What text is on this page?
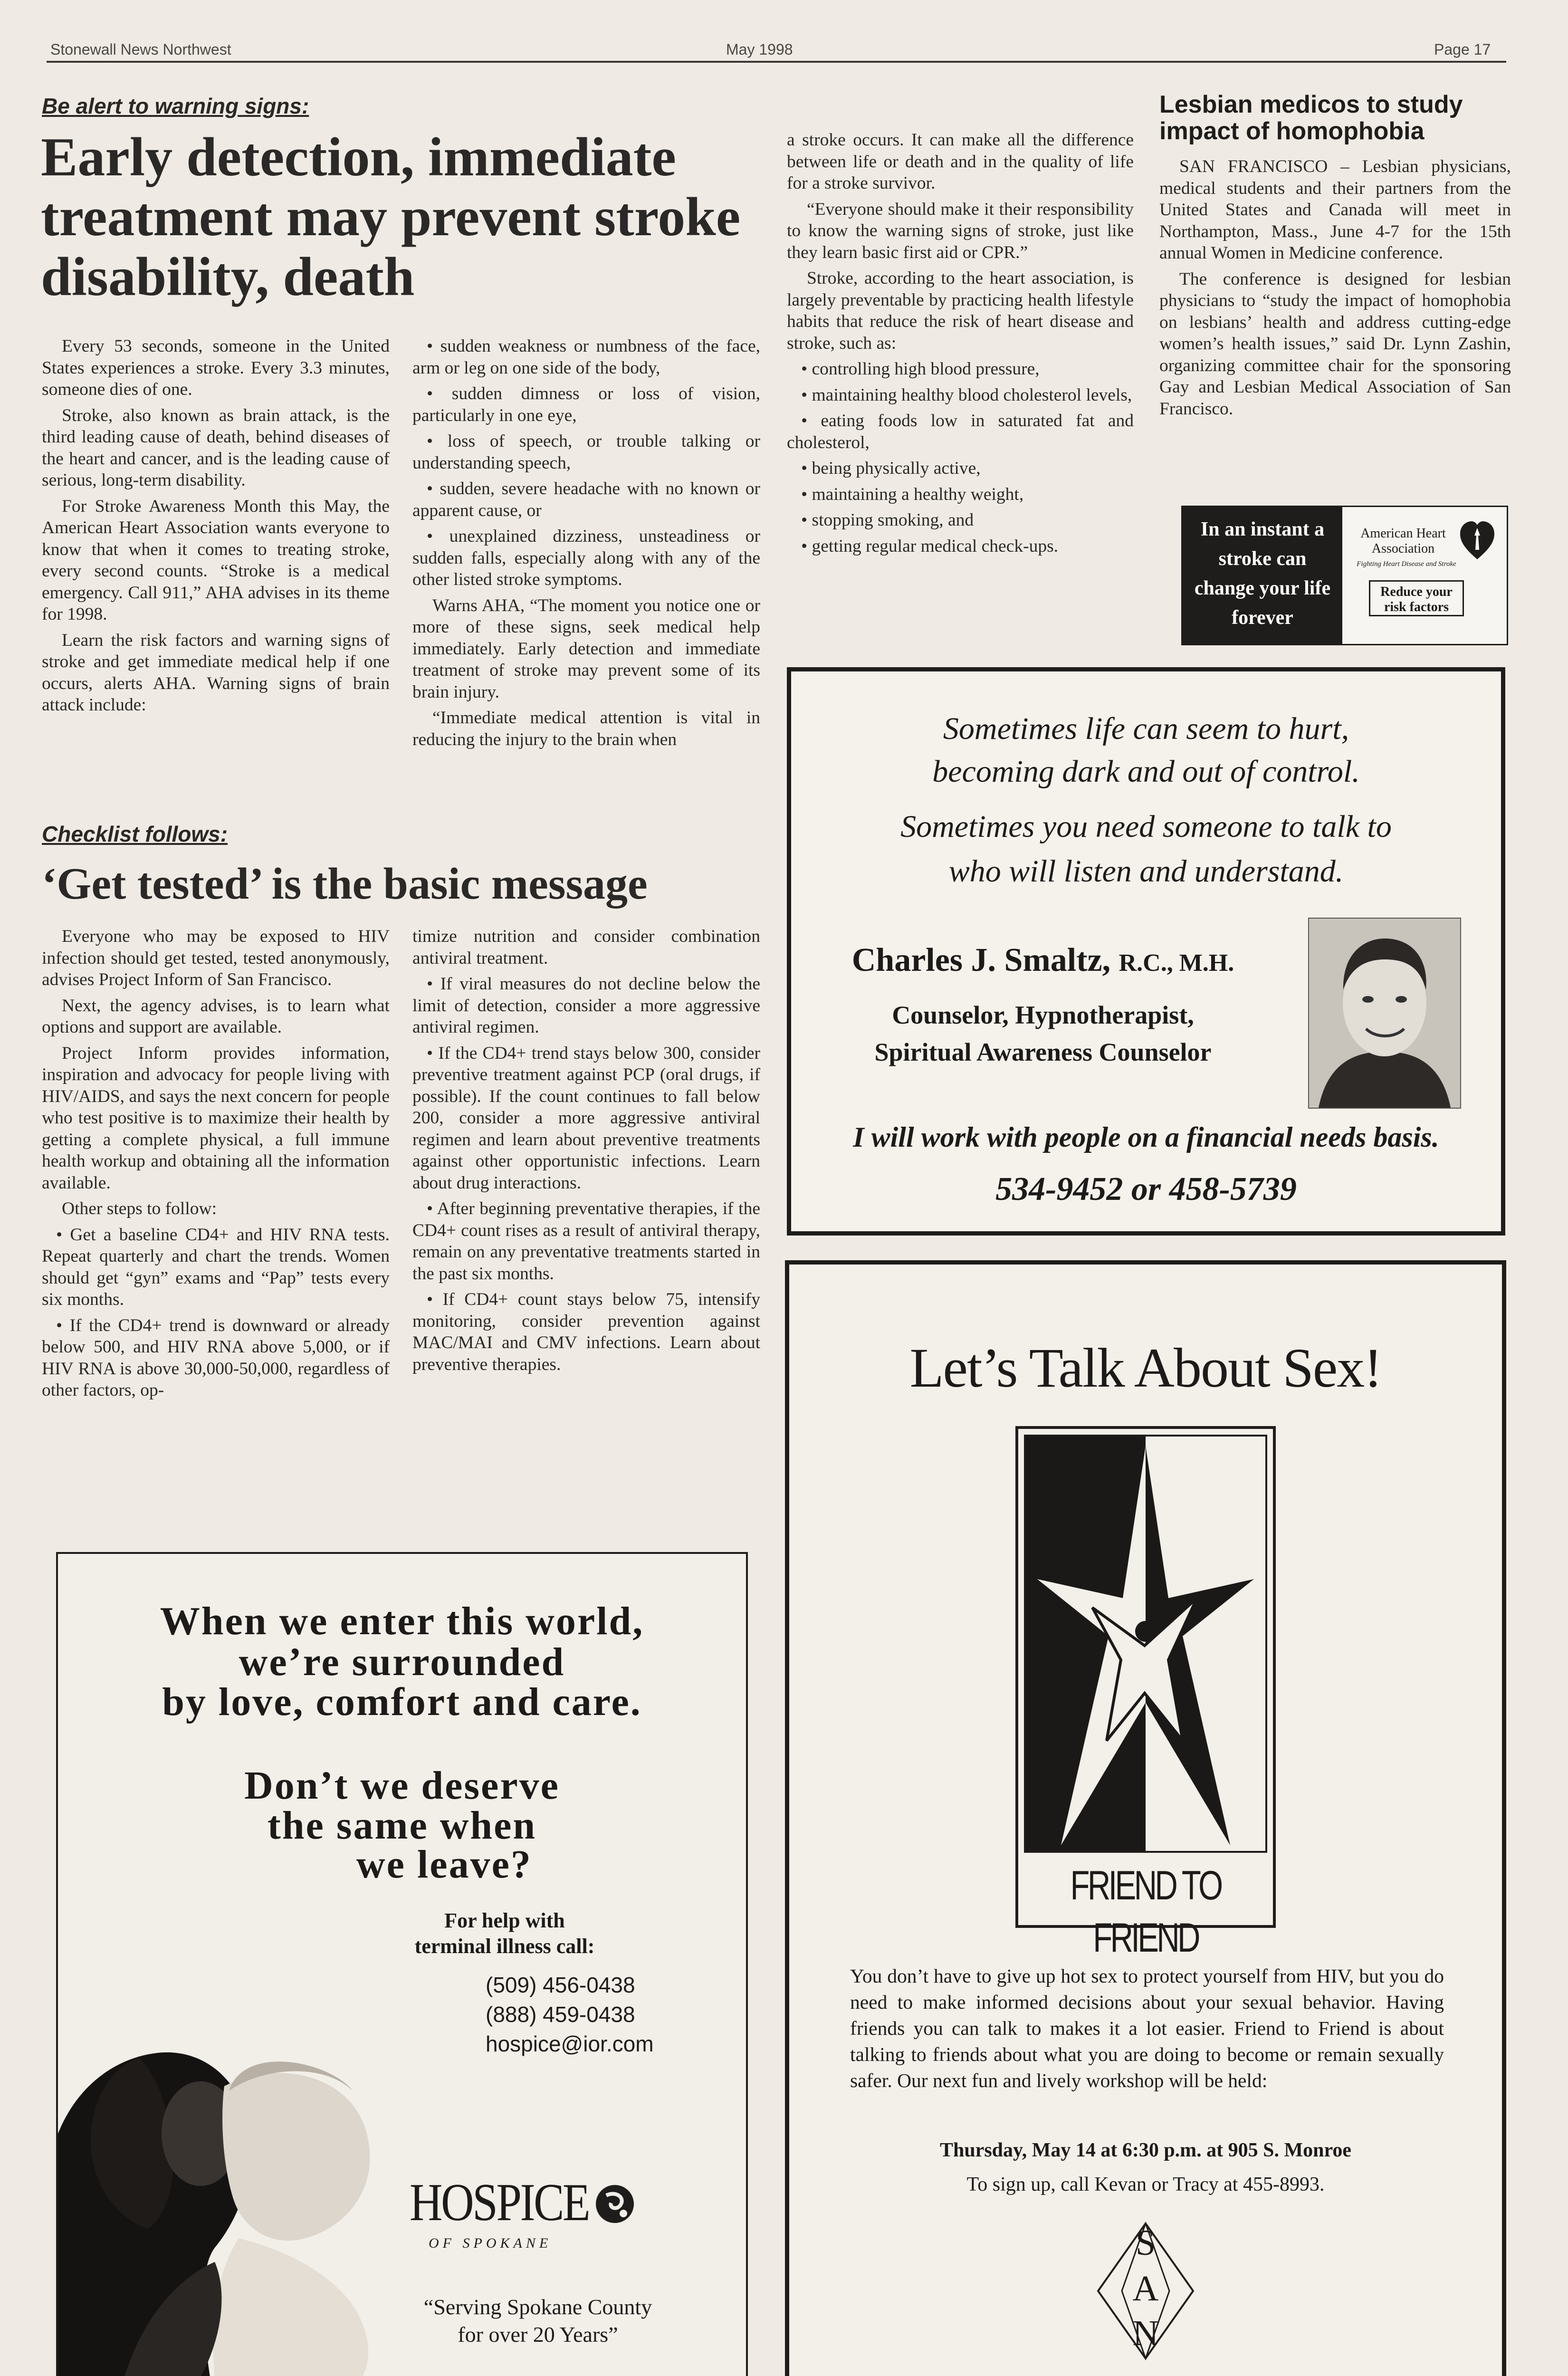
Stonewall News Northwest	May 1998	Page 17
Be alert to warning signs:
Early detection, immediate treatment may prevent stroke disability, death

Every 53 seconds, someone in the United States experiences a stroke. Every 3.3 minutes, someone dies of one.

Stroke, also known as brain attack, is the third leading cause of death, behind diseases of the heart and cancer, and is the leading cause of serious, long-term disability.

For Stroke Awareness Month this May, the American Heart Association wants everyone to know that when it comes to treating stroke, every second counts. “Stroke is a medical emergency. Call 911,” AHA advises in its theme for 1998.

Learn the risk factors and warning signs of stroke and get immediate medical help if one occurs, alerts AHA. Warning signs of brain attack include:

• sudden weakness or numbness of the face, arm or leg on one side of the body,

• sudden dimness or loss of vision, particularly in one eye,

• loss of speech, or trouble talking or understanding speech,

• sudden, severe headache with no known or apparent cause, or

• unexplained dizziness, unsteadiness or sudden falls, especially along with any of the other listed stroke symptoms.

Warns AHA, “The moment you notice one or more of these signs, seek medical help immediately. Early detection and immediate treatment of stroke may prevent some of its brain injury.

“Immediate medical attention is vital in reducing the injury to the brain when

a stroke occurs. It can make all the difference between life or death and in the quality of life for a stroke survivor.

“Everyone should make it their responsibility to know the warning signs of stroke, just like they learn basic first aid or CPR.”

Stroke, according to the heart association, is largely preventable by practicing health lifestyle habits that reduce the risk of heart disease and stroke, such as:

• controlling high blood pressure,

• maintaining healthy blood cholesterol levels,

• eating foods low in saturated fat and cholesterol,

• being physically active,

• maintaining a healthy weight,

• stopping smoking, and

• getting regular medical check-ups.

Lesbian medicos to study impact of homophobia

SAN FRANCISCO – Lesbian physicians, medical students and their partners from the United States and Canada will meet in Northampton, Mass., June 4-7 for the 15th annual Women in Medicine conference.

The conference is designed for lesbian physicians to “study the impact of homophobia on lesbians’ health and address cutting-edge women’s health issues,” said Dr. Lynn Zashin, organizing committee chair for the sponsoring Gay and Lesbian Medical Association of San Francisco.

In an instant a stroke can change your life forever
American Heart Association
Fighting Heart Disease and Stroke
Reduce your risk factors
Checklist follows:
‘Get tested’ is the basic message

Everyone who may be exposed to HIV infection should get tested, tested anonymously, advises Project Inform of San Francisco.

Next, the agency advises, is to learn what options and support are available.

Project Inform provides information, inspiration and advocacy for people living with HIV/AIDS, and says the next concern for people who test positive is to maximize their health by getting a complete physical, a full immune health workup and obtaining all the information available.

Other steps to follow:

• Get a baseline CD4+ and HIV RNA tests. Repeat quarterly and chart the trends. Women should get “gyn” exams and “Pap” tests every six months.

• If the CD4+ trend is downward or already below 500, and HIV RNA above 5,000, or if HIV RNA is above 30,000-50,000, regardless of other factors, op-

timize nutrition and consider combination antiviral treatment.

• If viral measures do not decline below the limit of detection, consider a more aggressive antiviral regimen.

• If the CD4+ trend stays below 300, consider preventive treatment against PCP (oral drugs, if possible). If the count continues to fall below 200, consider a more aggressive antiviral regimen and learn about preventive treatments against other opportunistic infections. Learn about drug interactions.

• After beginning preventative therapies, if the CD4+ count rises as a result of antiviral therapy, remain on any preventative treatments started in the past six months.

• If CD4+ count stays below 75, intensify monitoring, consider prevention against MAC/MAI and CMV infections. Learn about preventive therapies.

Sometimes life can seem to hurt,
becoming dark and out of control.
Sometimes you need someone to talk to
who will listen and understand.
Charles J. Smaltz, R.C., M.H.
Counselor, Hypnotherapist,
Spiritual Awareness Counselor
I will work with people on a financial needs basis.
534-9452 or 458-5739
When we enter this world,
we’re surrounded
by love, comfort and care.
Don’t we deserve
the same when
we leave?
For help with
terminal illness call:
(509) 456-0438
(888) 459-0438
hospice@ior.com
HOSPICE
OF SPOKANE
“Serving Spokane County
for over 20 Years”
Let’s Talk About Sex!
FRIEND TO FRIEND
You don’t have to give up hot sex to protect yourself from HIV, but you do need to make informed decisions about your sexual behavior. Having friends you can talk to makes it a lot easier. Friend to Friend is about talking to friends about what you are doing to become or remain sexually safer. Our next fun and lively workshop will be held:
Thursday, May 14 at 6:30 p.m. at 905 S. Monroe
To sign up, call Kevan or Tracy at 455-8993.
S
A
N
